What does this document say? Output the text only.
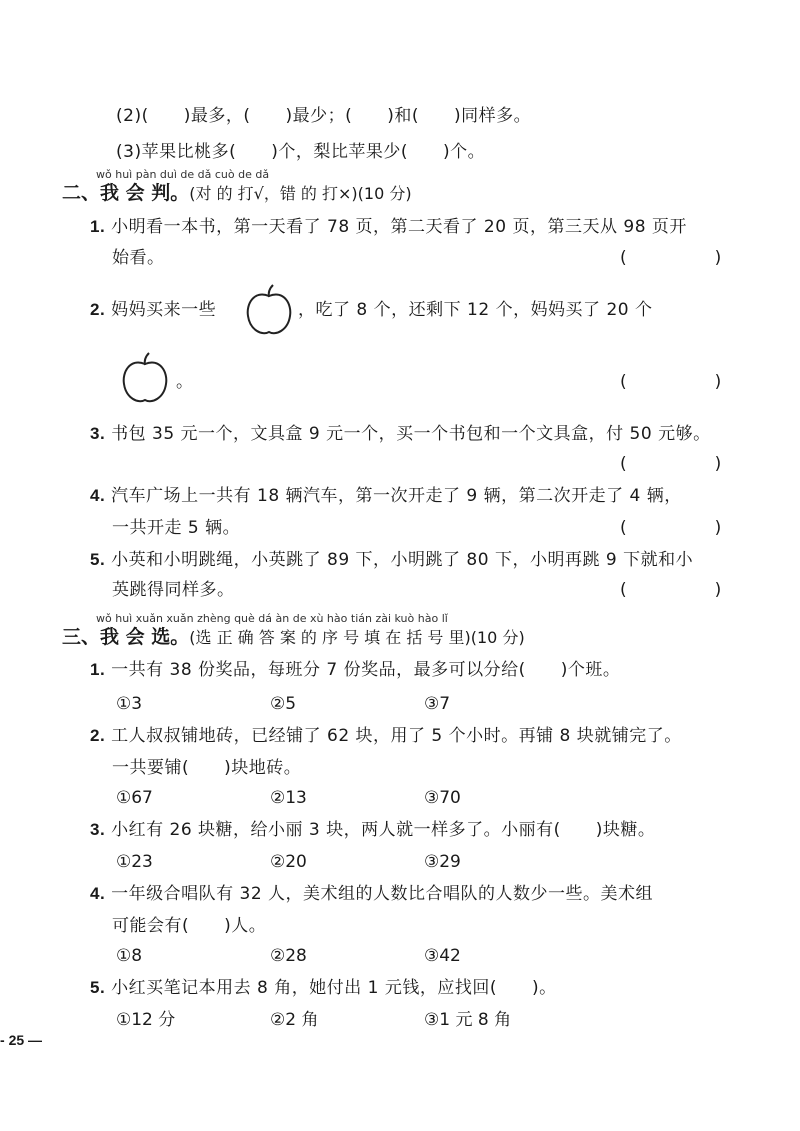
(2)(　　)最多，(　　)最少；(　　)和(　　)同样多。
(3)苹果比桃多(　　)个，梨比苹果少(　　)个。
wǒ huì pàn duì de dǎ cuò de dǎ
二、我 会 判。(对 的 打√，错 的 打×)(10 分)
1. 小明看一本书，第一天看了 78 页，第二天看了 20 页，第三天从 98 页开
始看。	(　　)
2. 妈妈买来一些	，吃了 8 个，还剩下 12 个，妈妈买了 20 个
。	(　　)
3. 书包 35 元一个，文具盒 9 元一个，买一个书包和一个文具盒，付 50 元够。
(　　)
4. 汽车广场上一共有 18 辆汽车，第一次开走了 9 辆，第二次开走了 4 辆，
一共开走 5 辆。	(　　)
5. 小英和小明跳绳，小英跳了 89 下，小明跳了 80 下，小明再跳 9 下就和小
英跳得同样多。	(　　)
wǒ huì xuǎn xuǎn zhèng què dá àn de xù hào tián zài kuò hào lǐ
三、我 会 选。(选 正 确 答 案 的 序 号 填 在 括 号 里)(10 分)
1. 一共有 38 份奖品，每班分 7 份奖品，最多可以分给(　　)个班。
①3	②5	③7
2. 工人叔叔铺地砖，已经铺了 62 块，用了 5 个小时。再铺 8 块就铺完了。
一共要铺(　　)块地砖。
①67	②13	③70
3. 小红有 26 块糖，给小丽 3 块，两人就一样多了。小丽有(　　)块糖。
①23	②20	③29
4. 一年级合唱队有 32 人，美术组的人数比合唱队的人数少一些。美术组
可能会有(　　)人。
①8	②28	③42
5. 小红买笔记本用去 8 角，她付出 1 元钱，应找回(　　)。
①12 分	②2 角	③1 元 8 角
- 25 —
